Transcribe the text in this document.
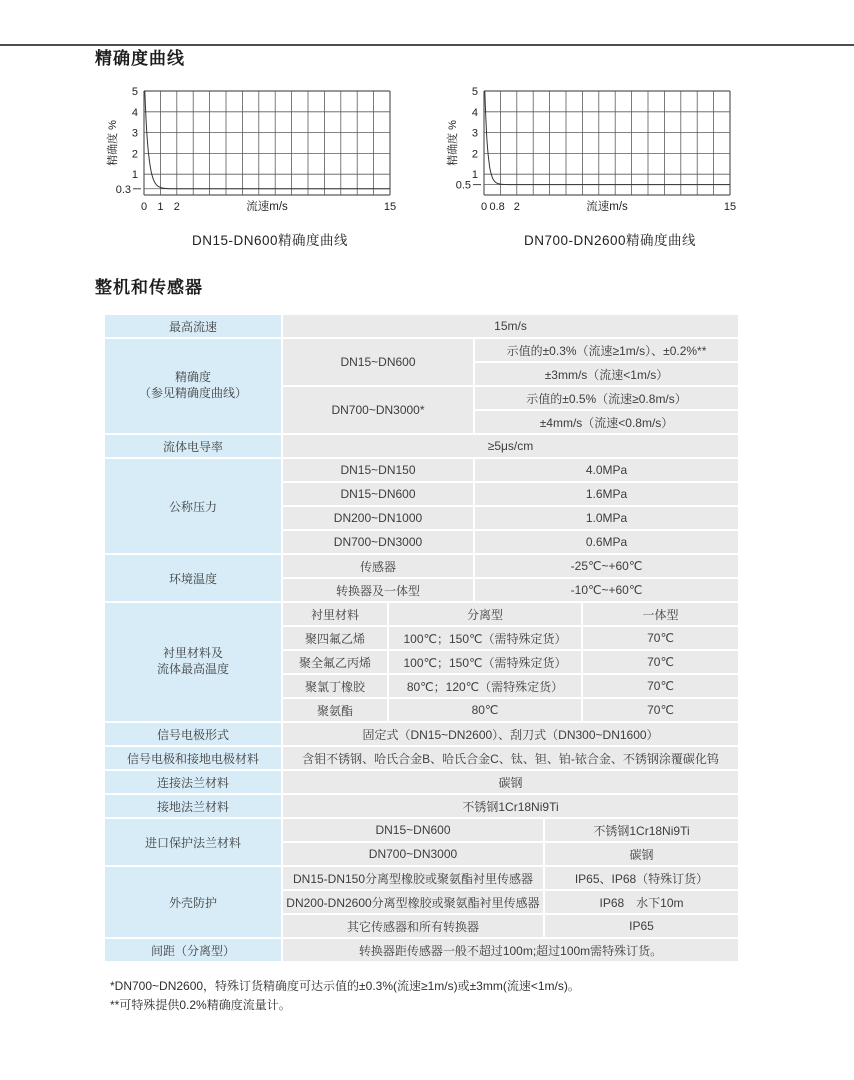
精确度曲线
5
4
3
2
1
0.3
0 1 2	15
流速m/s
精确度 %
DN15-DN600精确度曲线
5
4
3
2
1
0.5
0 0.8 2	15
流速m/s
精确度 %
DN700-DN2600精确度曲线
整机和传感器
最高流速	15m/s				

精确度
（参见精确度曲线）	DN15~DN600		示值的±0.3%（流速≥1m/s）、±0.2%**		
			±3mm/s（流速<1m/s）		
	DN700~DN3000*		示值的±0.5%（流速≥0.8m/s）		
			±4mm/s（流速<0.8m/s）		
流体电导率	≥5μs/cm				
公称压力	DN15~DN150		4.0MPa		
	DN15~DN600		1.6MPa		
	DN200~DN1000		1.0MPa		
	DN700~DN3000		0.6MPa		
环境温度	传感器		-25℃~+60℃		
	转换器及一体型		-10℃~+60℃		

衬里材料及
流体最高温度	衬里材料	分离型			一体型
	聚四氟乙烯	100℃；150℃（需特殊定货）			70℃
	聚全氟乙丙烯	100℃；150℃（需特殊定货）			70℃
	聚氯丁橡胶	80℃；120℃（需特殊定货）			70℃
	聚氨酯	80℃			70℃
信号电极形式	固定式（DN15~DN2600）、刮刀式（DN300~DN1600）				
信号电极和接地电极材料	含钼不锈钢、哈氏合金B、哈氏合金C、钛、钽、铂-铱合金、不锈钢涂覆碳化钨				
连接法兰材料	碳钢				
接地法兰材料	不锈钢1Cr18Ni9Ti				
进口保护法兰材料	DN15~DN600			不锈钢1Cr18Ni9Ti	
	DN700~DN3000			碳钢	
外壳防护	DN15-DN150分离型橡胶或聚氨酯衬里传感器			IP65、IP68（特殊订货）	
	DN200-DN2600分离型橡胶或聚氨酯衬里传感器			IP68　水下10m	
	其它传感器和所有转换器			IP65	
间距（分离型）	转换器距传感器一般不超过100m;超过100m需特殊订货。				
*DN700~DN2600，特殊订货精确度可达示值的±0.3%(流速≥1m/s)或±3mm(流速<1m/s)。
**可特殊提供0.2%精确度流量计。
